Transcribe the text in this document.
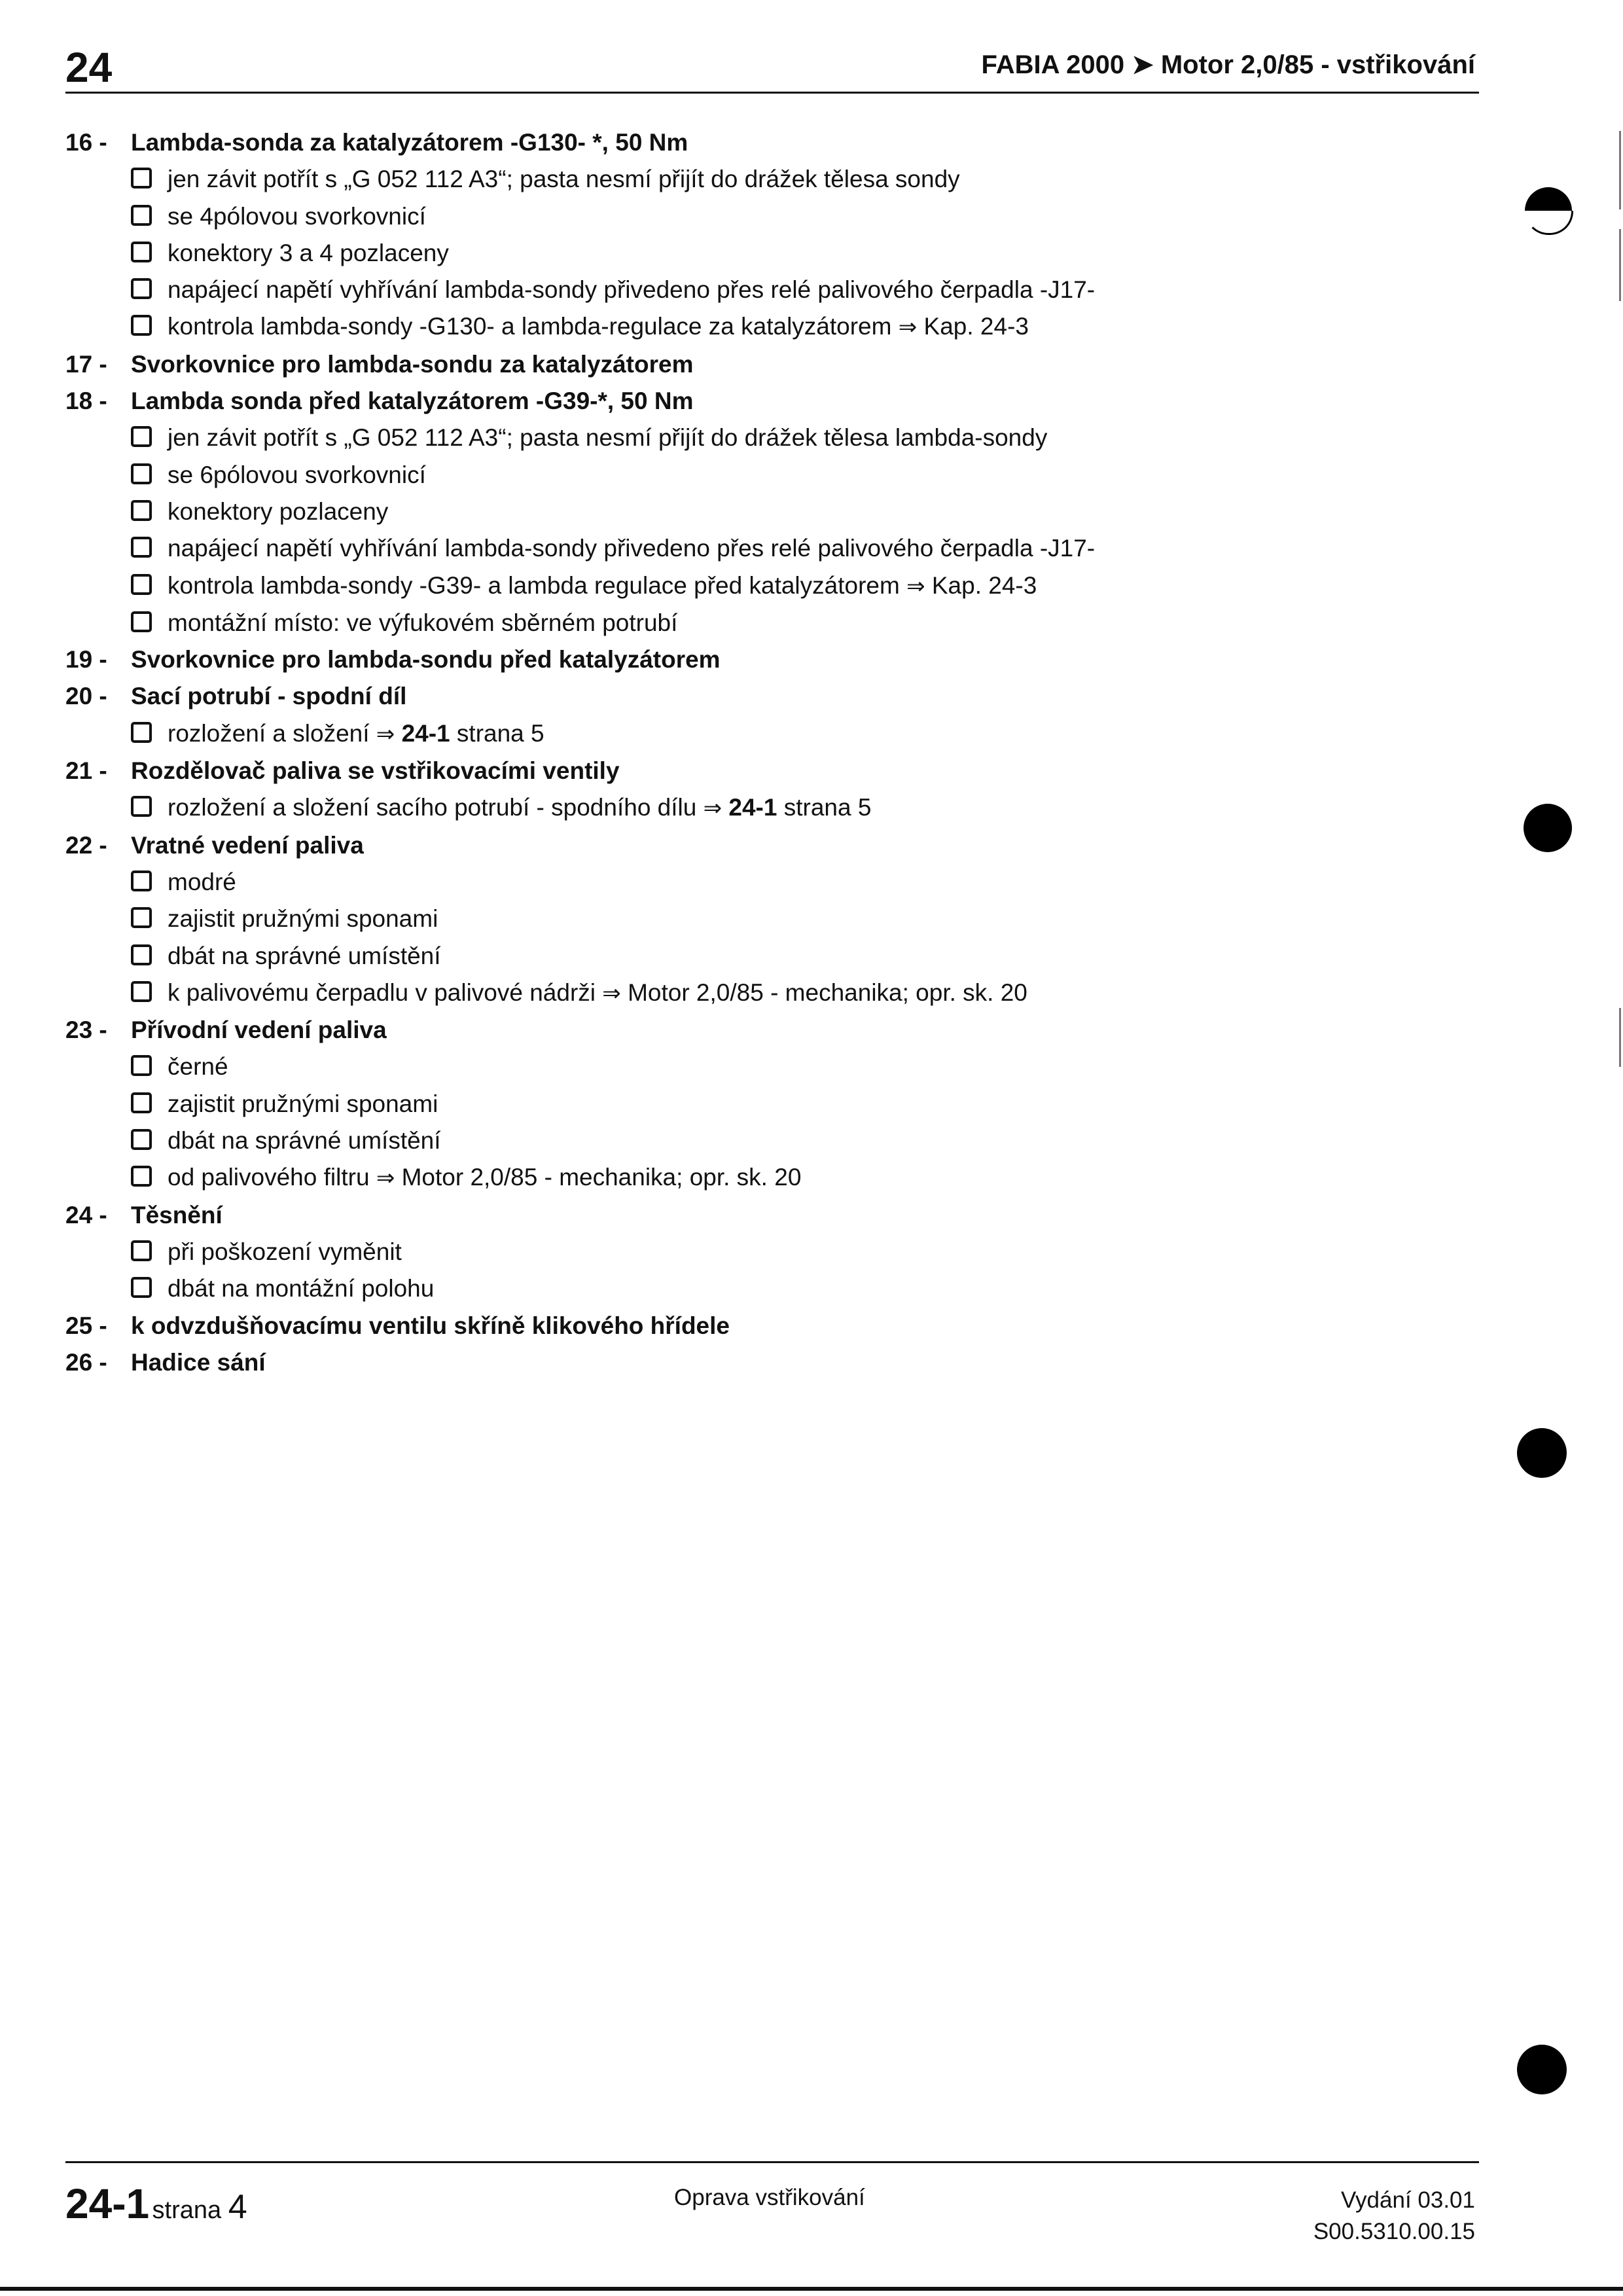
24	FABIA 2000 ➤ Motor 2,0/85 - vstřikování
16 - Lambda-sonda za katalyzátorem -G130- *, 50 Nm
jen závit potřít s „G 052 112 A3“; pasta nesmí přijít do drážek tělesa sondy
se 4pólovou svorkovnicí
konektory 3 a 4 pozlaceny
napájecí napětí vyhřívání lambda-sondy přivedeno přes relé palivového čerpadla -J17-
kontrola lambda-sondy -G130- a lambda-regulace za katalyzátorem ⇒ Kap. 24-3
17 - Svorkovnice pro lambda-sondu za katalyzátorem
18 - Lambda sonda před katalyzátorem -G39-*, 50 Nm
jen závit potřít s „G 052 112 A3“; pasta nesmí přijít do drážek tělesa lambda-sondy
se 6pólovou svorkovnicí
konektory pozlaceny
napájecí napětí vyhřívání lambda-sondy přivedeno přes relé palivového čerpadla -J17-
kontrola lambda-sondy -G39- a lambda regulace před katalyzátorem ⇒ Kap. 24-3
montážní místo: ve výfukovém sběrném potrubí
19 - Svorkovnice pro lambda-sondu před katalyzátorem
20 - Sací potrubí - spodní díl
rozložení a složení ⇒ 24-1 strana 5
21 - Rozdělovač paliva se vstřikovacími ventily
rozložení a složení sacího potrubí - spodního dílu ⇒ 24-1 strana 5
22 - Vratné vedení paliva
modré
zajistit pružnými sponami
dbát na správné umístění
k palivovému čerpadlu v palivové nádrži ⇒ Motor 2,0/85 - mechanika; opr. sk. 20
23 - Přívodní vedení paliva
černé
zajistit pružnými sponami
dbát na správné umístění
od palivového filtru ⇒ Motor 2,0/85 - mechanika; opr. sk. 20
24 - Těsnění
při poškození vyměnit
dbát na montážní polohu
25 - k odvzdušňovacímu ventilu skříně klikového hřídele
26 - Hadice sání
24-1 strana 4	Oprava vstřikování	Vydání 03.01
S00.5310.00.15
